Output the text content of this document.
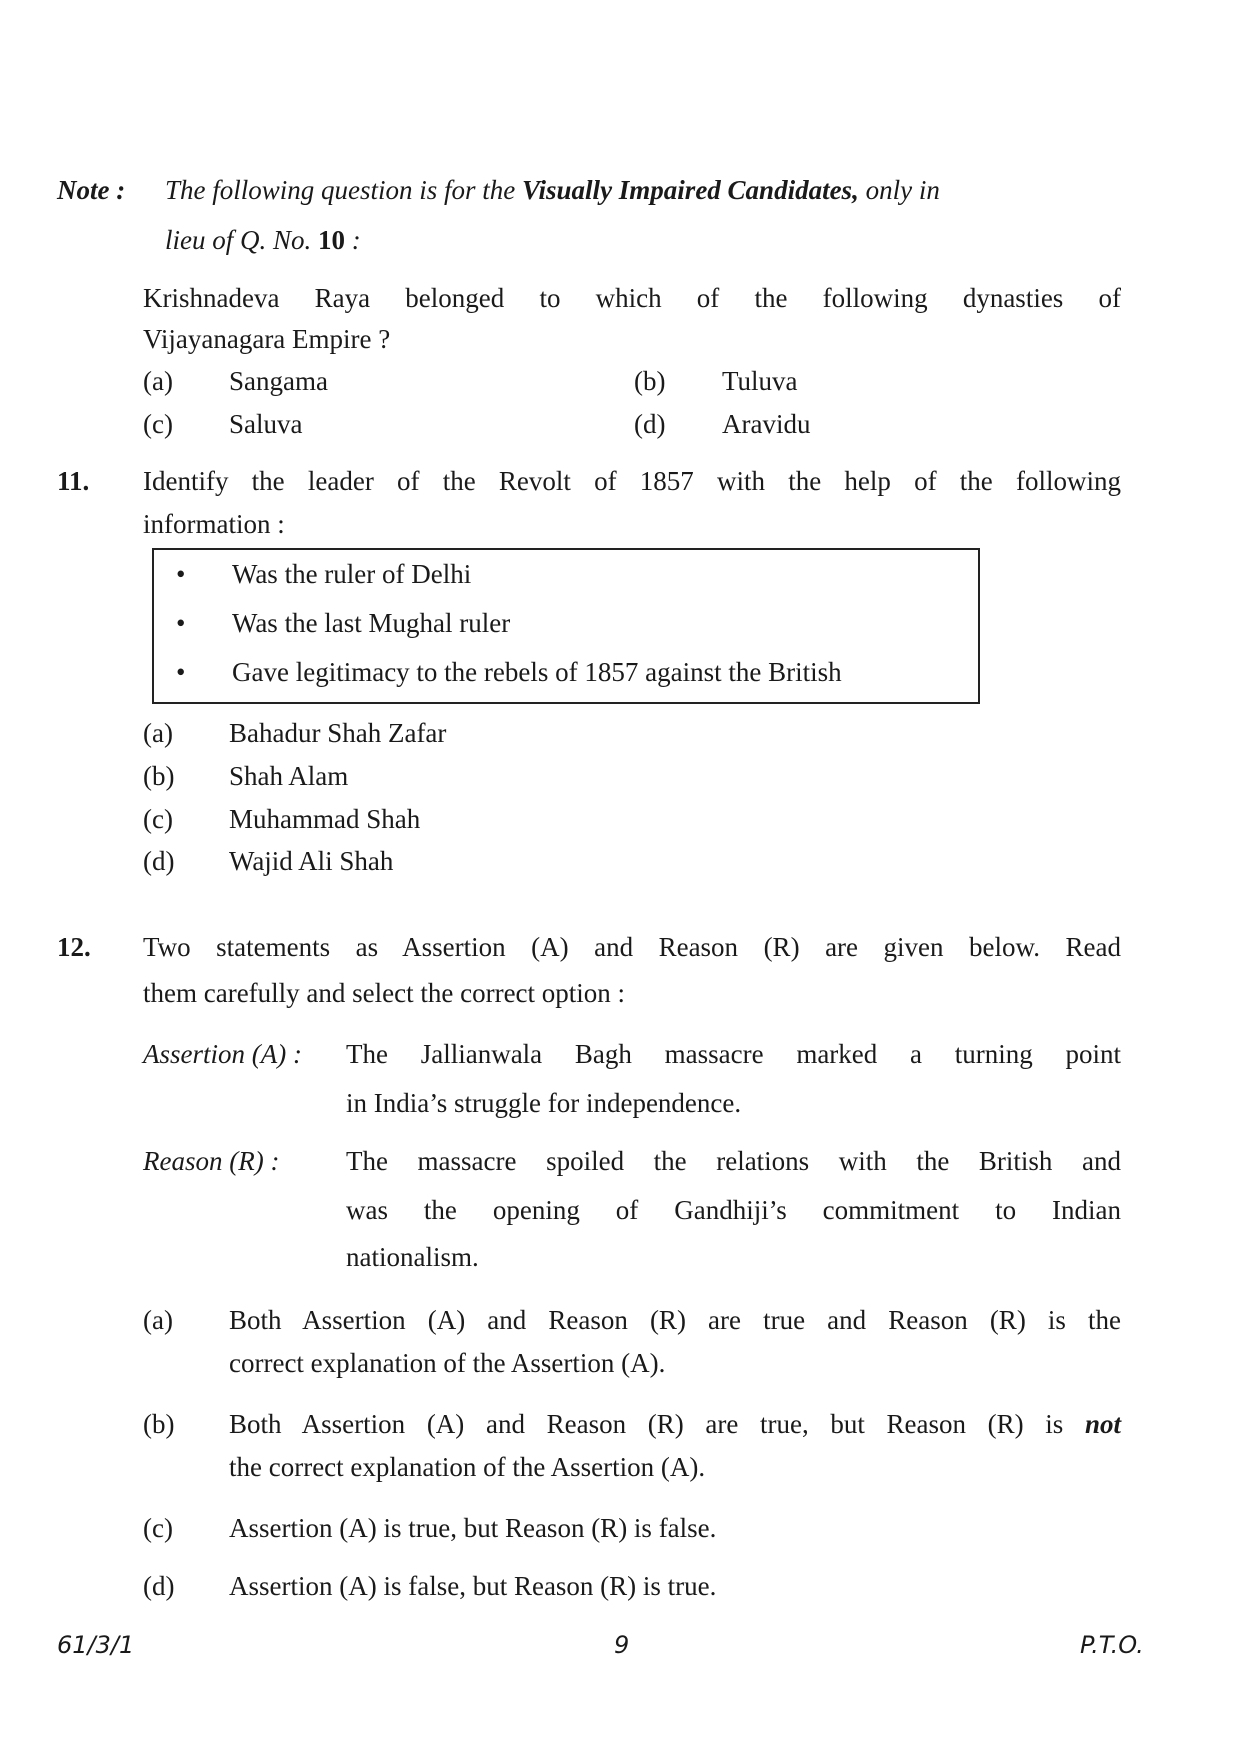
Note : The following question is for the Visually Impaired Candidates, only in
lieu of Q. No. 10 :
Krishnadeva Raya belonged to which of the following dynasties of
Vijayanagara Empire ?
(a) Sangama	(b) Tuluva
(c) Saluva	(d) Aravidu
11. Identify the leader of the Revolt of 1857 with the help of the following
information :
• Was the ruler of Delhi
• Was the last Mughal ruler
• Gave legitimacy to the rebels of 1857 against the British
(a) Bahadur Shah Zafar
(b) Shah Alam
(c) Muhammad Shah
(d) Wajid Ali Shah
12. Two statements as Assertion (A) and Reason (R) are given below. Read
them carefully and select the correct option :
Assertion (A) : The Jallianwala Bagh massacre marked a turning point
in India’s struggle for independence.
Reason (R) : The massacre spoiled the relations with the British and
was the opening of Gandhiji’s commitment to Indian
nationalism.
(a) Both Assertion (A) and Reason (R) are true and Reason (R) is the
correct explanation of the Assertion (A).
(b) Both Assertion (A) and Reason (R) are true, but Reason (R) is not
the correct explanation of the Assertion (A).
(c) Assertion (A) is true, but Reason (R) is false.
(d) Assertion (A) is false, but Reason (R) is true.
61/3/1	9	P.T.O.
